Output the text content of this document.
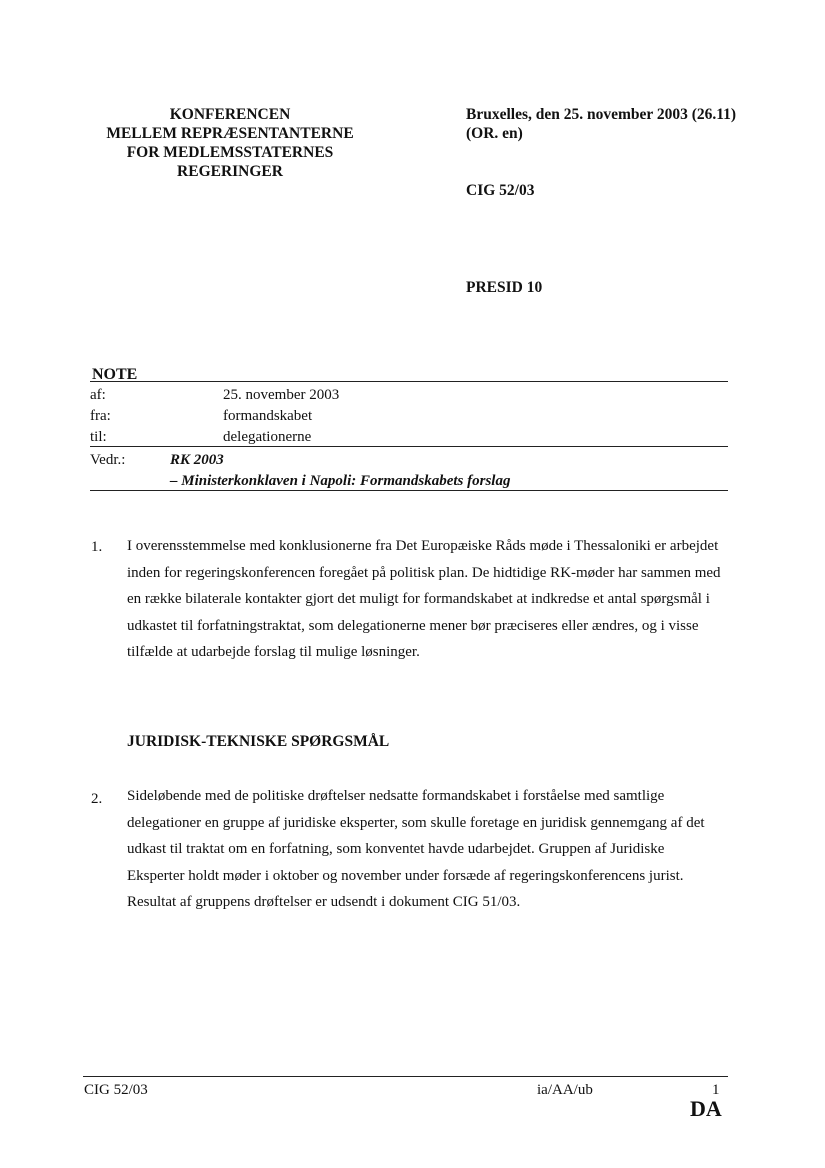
KONFERENCEN
MELLEM REPRÆSENTANTERNE
FOR MEDLEMSSTATERNES
REGERINGER
Bruxelles, den 25. november 2003 (26.11)
(OR. en)
CIG 52/03
PRESID 10
NOTE
af:	25. november 2003
fra:	formandskabet
til:	delegationerne
Vedr.:	RK 2003
– Ministerkonklaven i Napoli: Formandskabets forslag
1. I overensstemmelse med konklusionerne fra Det Europæiske Råds møde i Thessaloniki er arbejdet inden for regeringskonferencen foregået på politisk plan. De hidtidige RK-møder har sammen med en række bilaterale kontakter gjort det muligt for formandskabet at indkredse et antal spørgsmål i udkastet til forfatningstraktat, som delegationerne mener bør præciseres eller ændres, og i visse tilfælde at udarbejde forslag til mulige løsninger.
JURIDISK-TEKNISKE SPØRGSMÅL
2. Sideløbende med de politiske drøftelser nedsatte formandskabet i forståelse med samtlige delegationer en gruppe af juridiske eksperter, som skulle foretage en juridisk gennemgang af det udkast til traktat om en forfatning, som konventet havde udarbejdet. Gruppen af Juridiske Eksperter holdt møder i oktober og november under forsæde af regeringskonferencens jurist. Resultat af gruppens drøftelser er udsendt i dokument CIG 51/03.
CIG 52/03	ia/AA/ub	1
DA
